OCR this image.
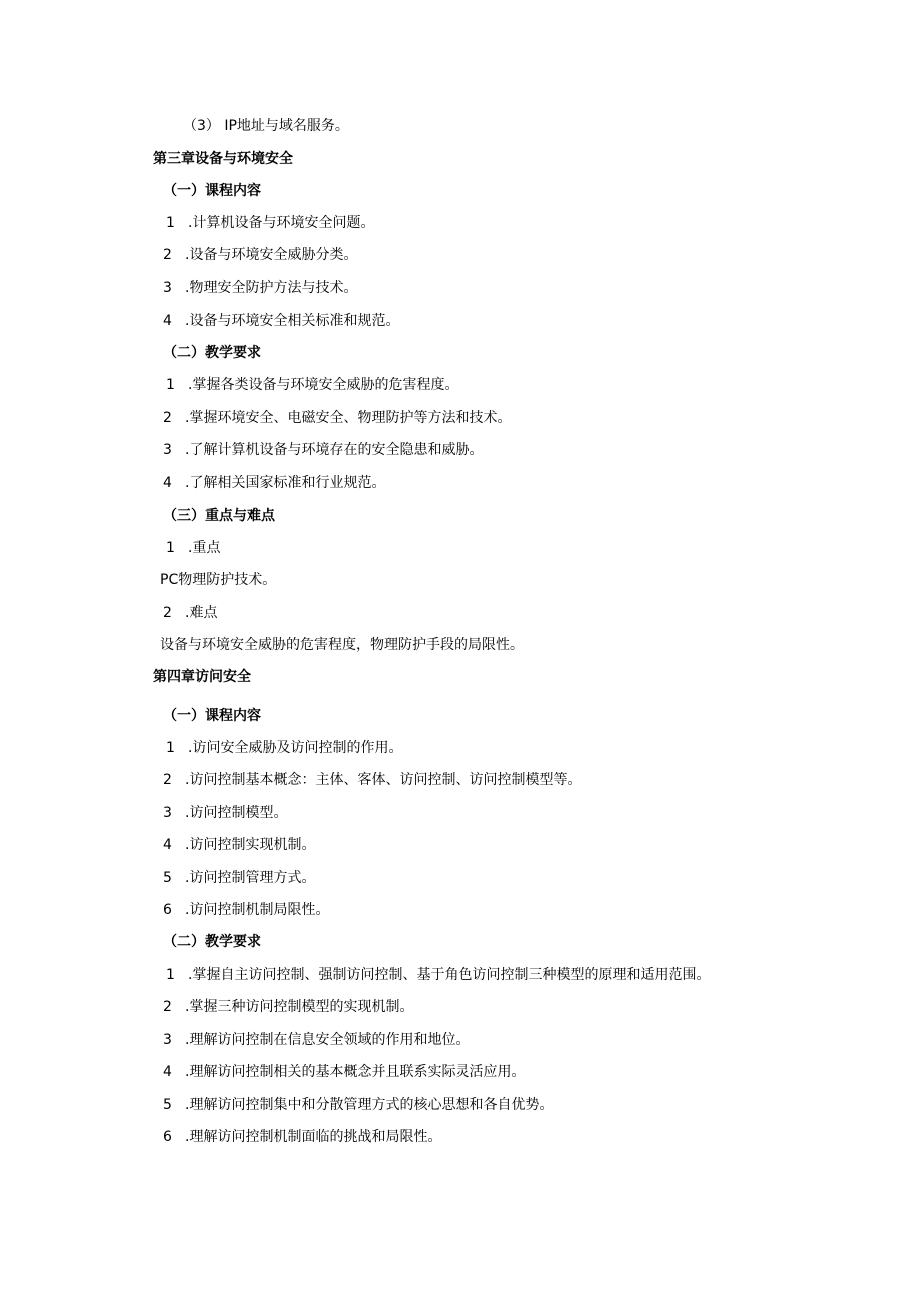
（3） IP地址与域名服务。
第三章设备与环境安全
（一）课程内容
1 .计算机设备与环境安全问题。
2 .设备与环境安全威胁分类。
3 .物理安全防护方法与技术。
4 .设备与环境安全相关标准和规范。
（二）教学要求
1 .掌握各类设备与环境安全威胁的危害程度。
2 .掌握环境安全、电磁安全、物理防护等方法和技术。
3 .了解计算机设备与环境存在的安全隐患和威胁。
4 .了解相关国家标准和行业规范。
（三）重点与难点
1 .重点
PC物理防护技术。
2 .难点
设备与环境安全威胁的危害程度，物理防护手段的局限性。
第四章访问安全
（一）课程内容
1 .访问安全威胁及访问控制的作用。
2 .访问控制基本概念：主体、客体、访问控制、访问控制模型等。
3 .访问控制模型。
4 .访问控制实现机制。
5 .访问控制管理方式。
6 .访问控制机制局限性。
（二）教学要求
1 .掌握自主访问控制、强制访问控制、基于角色访问控制三种模型的原理和适用范围。
2 .掌握三种访问控制模型的实现机制。
3 .理解访问控制在信息安全领域的作用和地位。
4 .理解访问控制相关的基本概念并且联系实际灵活应用。
5 .理解访问控制集中和分散管理方式的核心思想和各自优势。
6 .理解访问控制机制面临的挑战和局限性。
